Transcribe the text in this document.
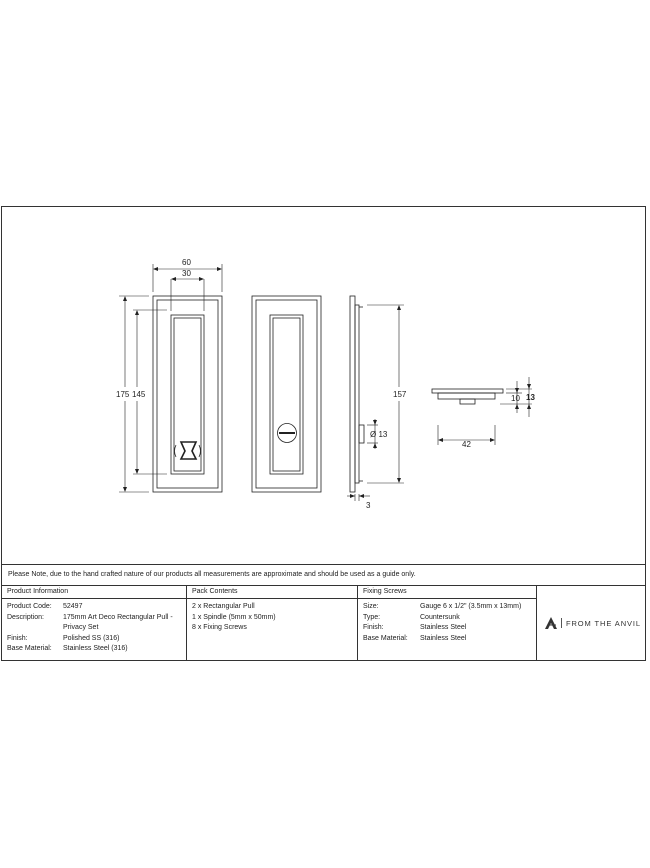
60
30
175 145	157
Ø 13
3
10 13
42
Please Note, due to the hand crafted nature of our products all measurements are approximate and should be used as a guide only.
Product Information
Product Code:	52497
Description:	175mm Art Deco Rectangular Pull - Privacy Set
Finish:	Polished SS (316)
Base Material:	Stainless Steel (316)
Pack Contents
2 x Rectangular Pull
1 x Spindle (5mm x 50mm)
8 x Fixing Screws
Fixing Screws
Size:	Gauge 6 x 1/2" (3.5mm x 13mm)
Type:	Countersunk
Finish:	Stainless Steel
Base Material:	Stainless Steel
FROM THE ANVIL
